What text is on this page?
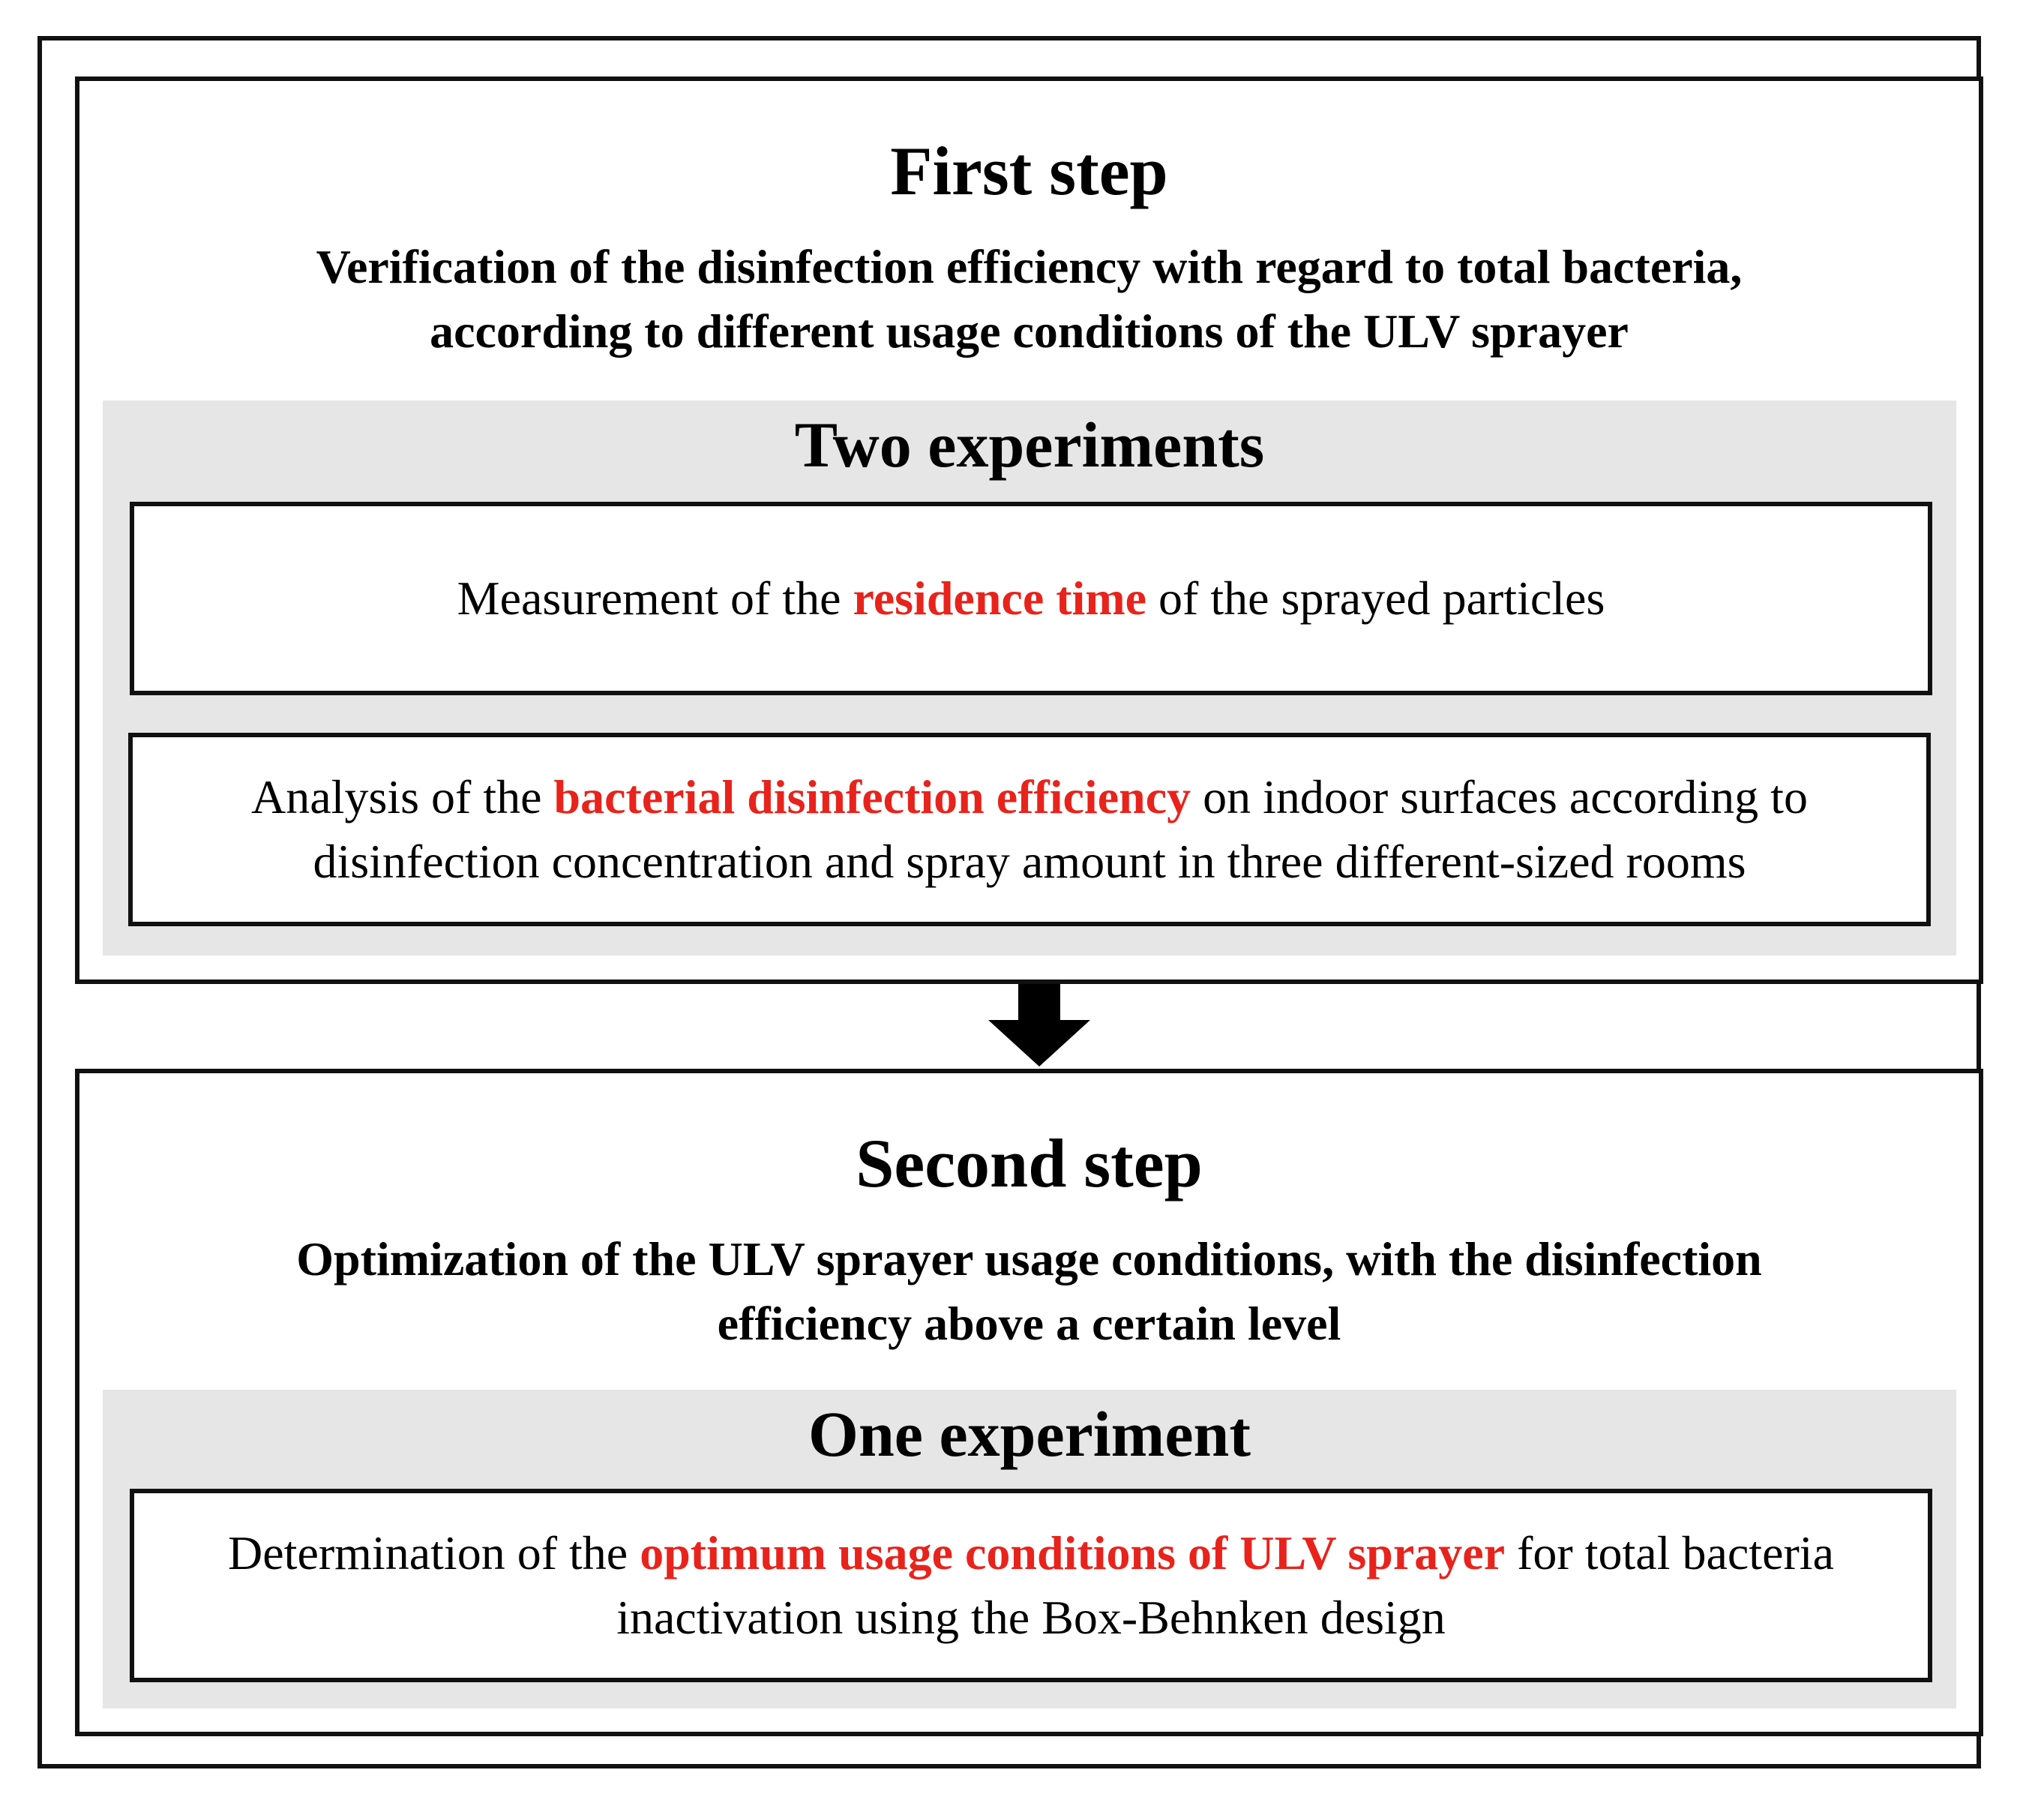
First step
Verification of the disinfection efficiency with regard to total bacteria,
according to different usage conditions of the ULV sprayer
Two experiments
Measurement of the residence time of the sprayed particles
Analysis of the bacterial disinfection efficiency on indoor surfaces according to disinfection concentration and spray amount in three different-sized rooms
Second step
Optimization of the ULV sprayer usage conditions, with the disinfection
efficiency above a certain level
One experiment
Determination of the optimum usage conditions of ULV sprayer for total bacteria inactivation using the Box-Behnken design
